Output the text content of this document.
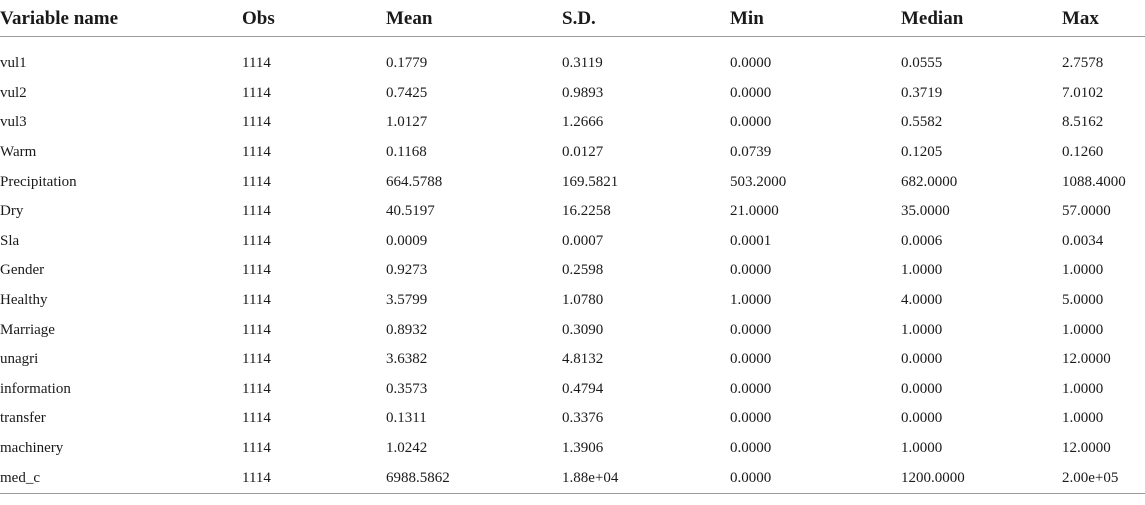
Variable name	Obs	Mean	S.D.	Min	Median	Max

vul1	1114	0.1779	0.3119	0.0000	0.0555	2.7578
vul2	1114	0.7425	0.9893	0.0000	0.3719	7.0102
vul3	1114	1.0127	1.2666	0.0000	0.5582	8.5162
Warm	1114	0.1168	0.0127	0.0739	0.1205	0.1260
Precipitation	1114	664.5788	169.5821	503.2000	682.0000	1088.4000
Dry	1114	40.5197	16.2258	21.0000	35.0000	57.0000
Sla	1114	0.0009	0.0007	0.0001	0.0006	0.0034
Gender	1114	0.9273	0.2598	0.0000	1.0000	1.0000
Healthy	1114	3.5799	1.0780	1.0000	4.0000	5.0000
Marriage	1114	0.8932	0.3090	0.0000	1.0000	1.0000
unagri	1114	3.6382	4.8132	0.0000	0.0000	12.0000
information	1114	0.3573	0.4794	0.0000	0.0000	1.0000
transfer	1114	0.1311	0.3376	0.0000	0.0000	1.0000
machinery	1114	1.0242	1.3906	0.0000	1.0000	12.0000
med_c	1114	6988.5862	1.88e+04	0.0000	1200.0000	2.00e+05
